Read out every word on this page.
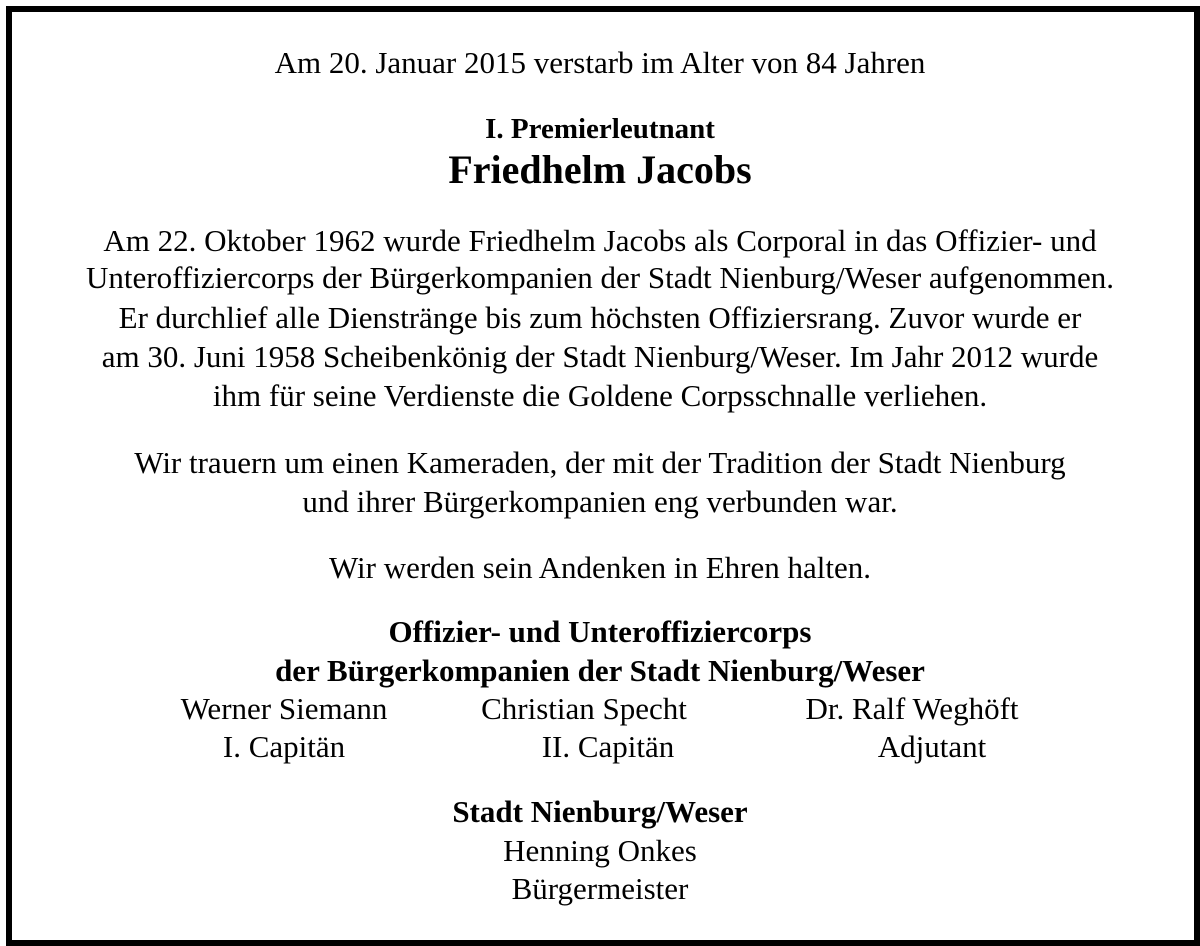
Am 20. Januar 2015 verstarb im Alter von 84 Jahren
I. Premierleutnant
Friedhelm Jacobs
Am 22. Oktober 1962 wurde Friedhelm Jacobs als Corporal in das Offizier- und
Unteroffiziercorps der Bürgerkompanien der Stadt Nienburg/Weser aufgenommen.
Er durchlief alle Dienstränge bis zum höchsten Offiziersrang. Zuvor wurde er
am 30. Juni 1958 Scheibenkönig der Stadt Nienburg/Weser. Im Jahr 2012 wurde
ihm für seine Verdienste die Goldene Corpsschnalle verliehen.
Wir trauern um einen Kameraden, der mit der Tradition der Stadt Nienburg
und ihrer Bürgerkompanien eng verbunden war.
Wir werden sein Andenken in Ehren halten.
Offizier- und Unteroffiziercorps
der Bürgerkompanien der Stadt Nienburg/Weser
Werner Siemann	Christian Specht	Dr. Ralf Weghöft
I. Capitän	II. Capitän	Adjutant
Stadt Nienburg/Weser
Henning Onkes
Bürgermeister
